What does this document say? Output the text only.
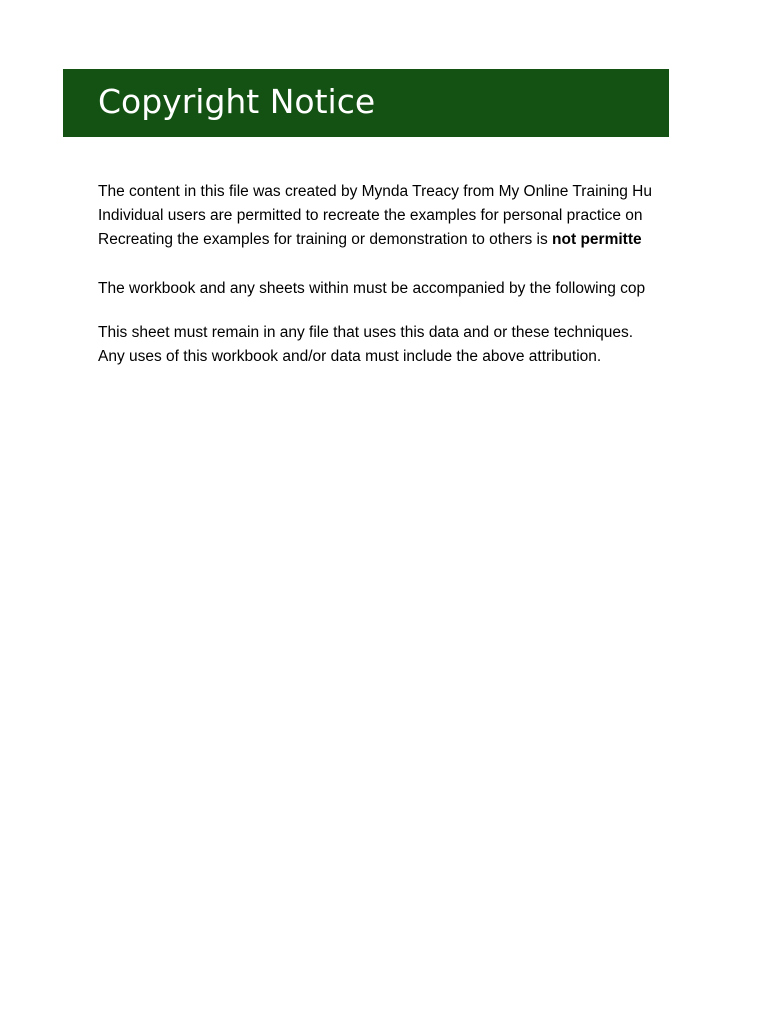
Copyright Notice
The content in this file was created by Mynda Treacy from My Online Training Hu
Individual users are permitted to recreate the examples for personal practice on
Recreating the examples for training or demonstration to others is not permitte
The workbook and any sheets within must be accompanied by the following cop
This sheet must remain in any file that uses this data and or these techniques.
Any uses of this workbook and/or data must include the above attribution.
